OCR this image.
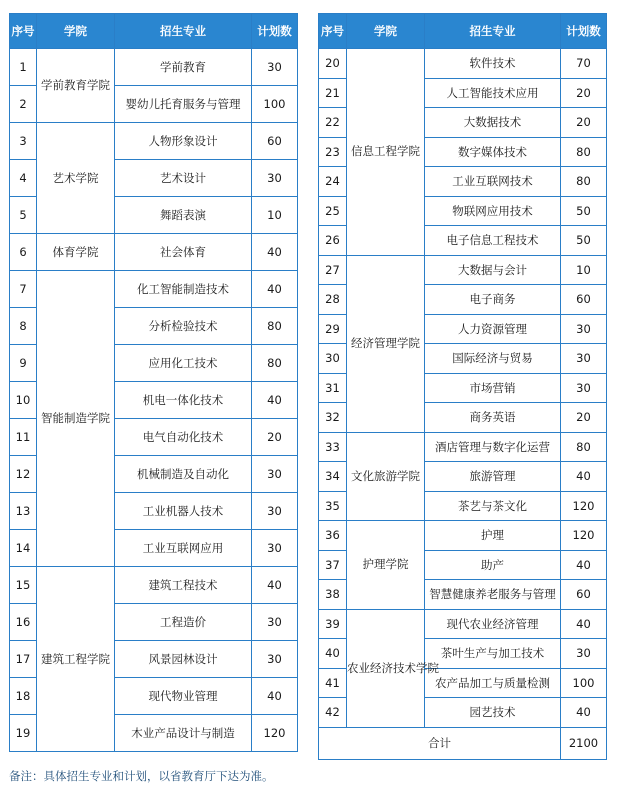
序号	学院	招生专业	计划数
1	学前教育学院	学前教育	30
2		婴幼儿托育服务与管理	100
3	艺术学院	人物形象设计	60
4		艺术设计	30
5		舞蹈表演	10
6	体育学院	社会体育	40
7	智能制造学院	化工智能制造技术	40
8		分析检验技术	80
9		应用化工技术	80
10		机电一体化技术	40
11		电气自动化技术	20
12		机械制造及自动化	30
13		工业机器人技术	30
14		工业互联网应用	30
15	建筑工程学院	建筑工程技术	40
16		工程造价	30
17		风景园林设计	30
18		现代物业管理	40
19		木业产品设计与制造	120
序号	学院	招生专业	计划数
20	信息工程学院	软件技术	70
21		人工智能技术应用	20
22		大数据技术	20
23		数字媒体技术	80
24		工业互联网技术	80
25		物联网应用技术	50
26		电子信息工程技术	50
27	经济管理学院	大数据与会计	10
28		电子商务	60
29		人力资源管理	30
30		国际经济与贸易	30
31		市场营销	30
32		商务英语	20
33	文化旅游学院	酒店管理与数字化运营	80
34		旅游管理	40
35		茶艺与茶文化	120
36	护理学院	护理	120
37		助产	40
38		智慧健康养老服务与管理	60
39	农业经济技术学院	现代农业经济管理	40
40		茶叶生产与加工技术	30
41		农产品加工与质量检测	100
42		园艺技术	40
合计			2100
备注：具体招生专业和计划，以省教育厅下达为准。
